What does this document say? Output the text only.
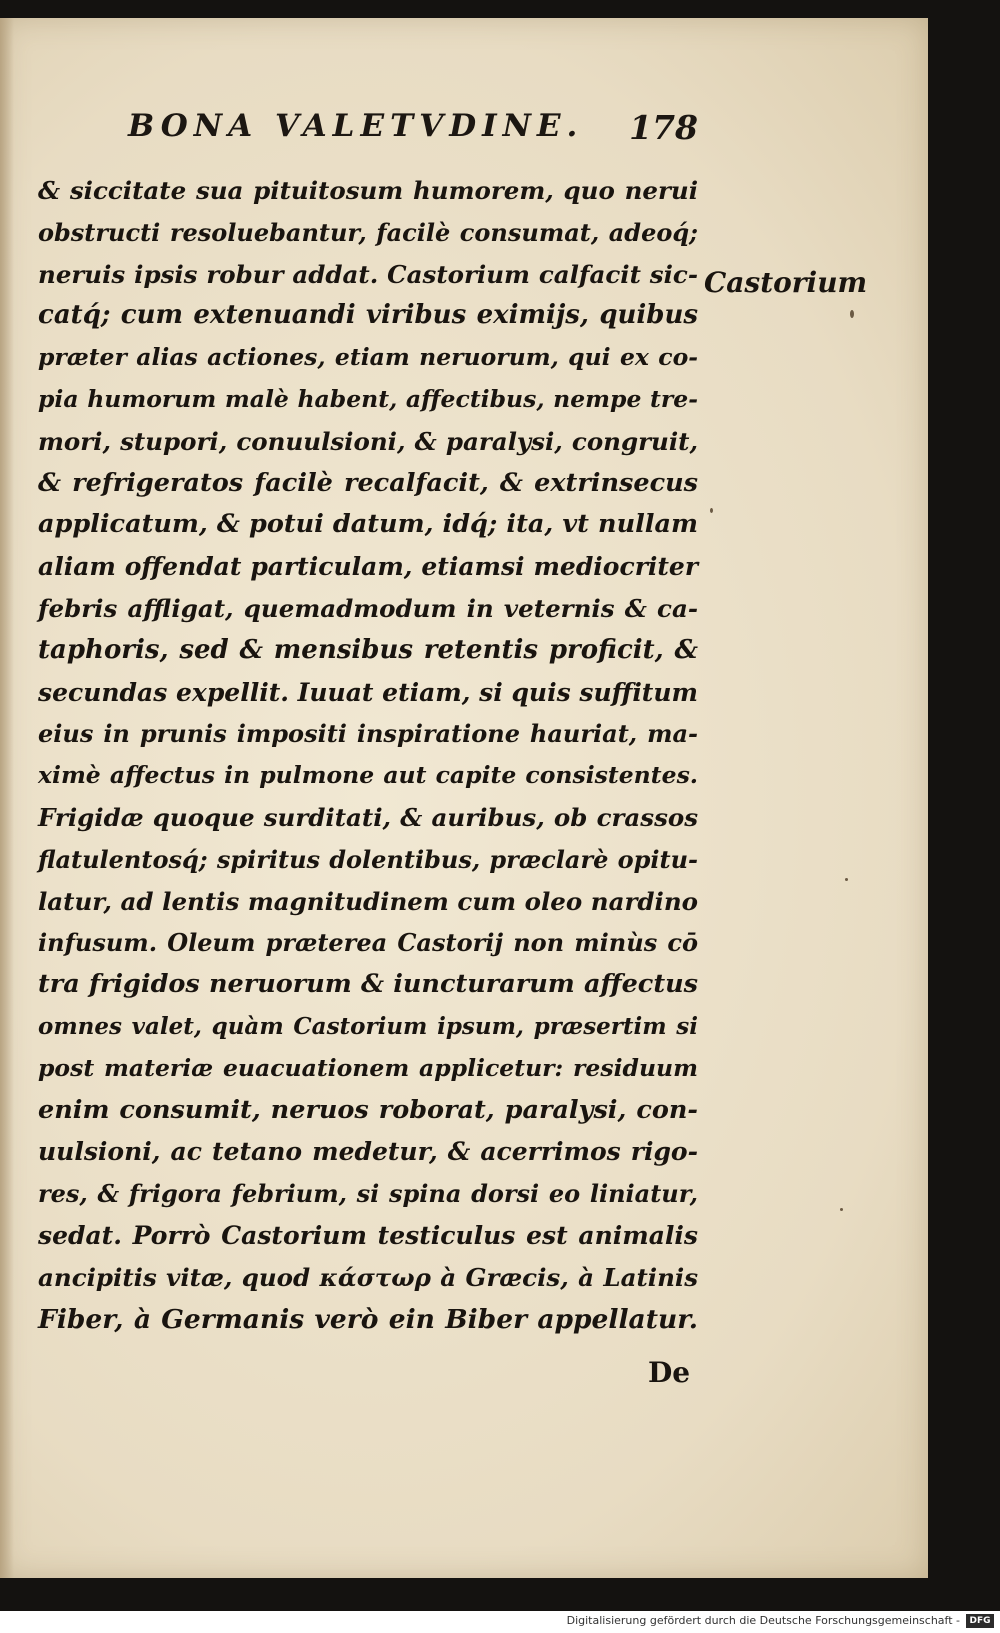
BONA VALETVDINE. 178
& siccitate sua pituitosum humorem, quo nerui
obstructi resoluebantur, facilè consumat, adeoq́;
neruis ipsis robur addat. Castorium calfacit sic-
catq́; cum extenuandi viribus eximijs, quibus
præter alias actiones, etiam neruorum, qui ex co-
pia humorum malè habent, affectibus, nempe tre-
mori, stupori, conuulsioni, & paralysi, congruit,
& refrigeratos facilè recalfacit, & extrinsecus
applicatum, & potui datum, idq́; ita, vt nullam
aliam offendat particulam, etiamsi mediocriter
febris affligat, quemadmodum in veternis & ca-
taphoris, sed & mensibus retentis proficit, &
secundas expellit. Iuuat etiam, si quis suffitum
eius in prunis impositi inspiratione hauriat, ma-
ximè affectus in pulmone aut capite consistentes.
Frigidæ quoque surditati, & auribus, ob crassos
flatulentosq́; spiritus dolentibus, præclarè opitu-
latur, ad lentis magnitudinem cum oleo nardino
infusum. Oleum præterea Castorij non minùs cō
tra frigidos neruorum & iuncturarum affectus
omnes valet, quàm Castorium ipsum, præsertim si
post materiæ euacuationem applicetur: residuum
enim consumit, neruos roborat, paralysi, con-
uulsioni, ac tetano medetur, & acerrimos rigo-
res, & frigora febrium, si spina dorsi eo liniatur,
sedat. Porrò Castorium testiculus est animalis
ancipitis vitæ, quod κάστωρ à Græcis, à Latinis
Fiber, à Germanis verò ein Biber appellatur.
Castorium
De
Digitalisierung gefördert durch die Deutsche Forschungsgemeinschaft -	DFG
